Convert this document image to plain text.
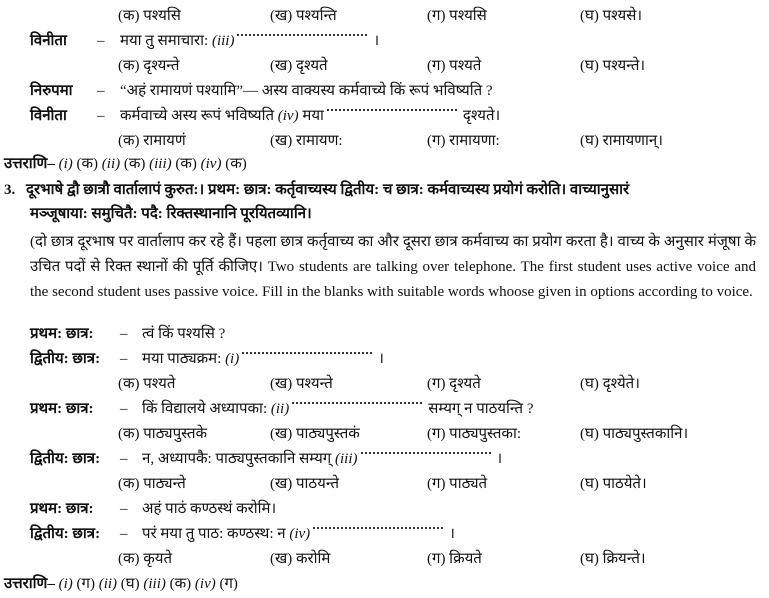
(क) पश्यसि	(ख) पश्यन्ति	(ग) पश्यसि	(घ) पश्यसे।
विनीता – मया तु समाचारा: (iii)	।
(क) दृश्यन्ते	(ख) दृश्यते	(ग) पश्यते	(घ) पश्यन्ते।
निरुपमा – “अहं रामायणं पश्यामि”— अस्य वाक्यस्य कर्मवाच्ये किं रूपं भविष्यति ?
विनीता – कर्मवाच्ये अस्य रूपं भविष्यति (iv) मया	दृश्यते।
(क) रामायणं	(ख) रामायण:	(ग) रामायणा:	(घ) रामायणान्।
उत्तराणि– (i) (क) (ii) (क) (iii) (क) (iv) (क)
3. दूरभाषे द्वौ छात्रौ वार्तालापं कुरुत:। प्रथम: छात्र: कर्तृवाच्यस्य द्वितीय: च छात्र: कर्मवाच्यस्य प्रयोगं करोति। वाच्यानुसारं
मञ्जूषाया: समुचितै: पदै: रिक्तस्थानानि पूरयितव्यानि।
(दो छात्र दूरभाष पर वार्तालाप कर रहे हैं। पहला छात्र कर्तृवाच्य का और दूसरा छात्र कर्मवाच्य का प्रयोग करता है। वाच्य के अनुसार मंजूषा के उचित पदों से रिक्त स्थानों की पूर्ति कीजिए। Two students are talking over telephone. The first student uses active voice and the second student uses passive voice. Fill in the blanks with suitable words whoose given in options according to voice.
प्रथम: छात्र: – त्वं किं पश्यसि ?
द्वितीय: छात्र: – मया पाठ्यक्रम: (i)	।
(क) पश्यते	(ख) पश्यन्ते	(ग) दृश्यते	(घ) दृश्येते।
प्रथम: छात्र: – किं विद्यालये अध्यापका: (ii)	सम्यग् न पाठयन्ति ?
(क) पाठ्यपुस्तके	(ख) पाठ्यपुस्तकं	(ग) पाठ्यपुस्तका:	(घ) पाठ्यपुस्तकानि।
द्वितीय: छात्र: – न, अध्यापकै: पाठ्यपुस्तकानि सम्यग् (iii)	।
(क) पाठ्यन्ते	(ख) पाठयन्ते	(ग) पाठ्यते	(घ) पाठयेते।
प्रथम: छात्र: – अहं पाठं कण्ठस्थं करोमि।
द्वितीय: छात्र: – परं मया तु पाठ: कण्ठस्थ: न (iv)	।
(क) कृयते	(ख) करोमि	(ग) क्रियते	(घ) क्रियन्ते।
उत्तराणि– (i) (ग) (ii) (घ) (iii) (क) (iv) (ग)
